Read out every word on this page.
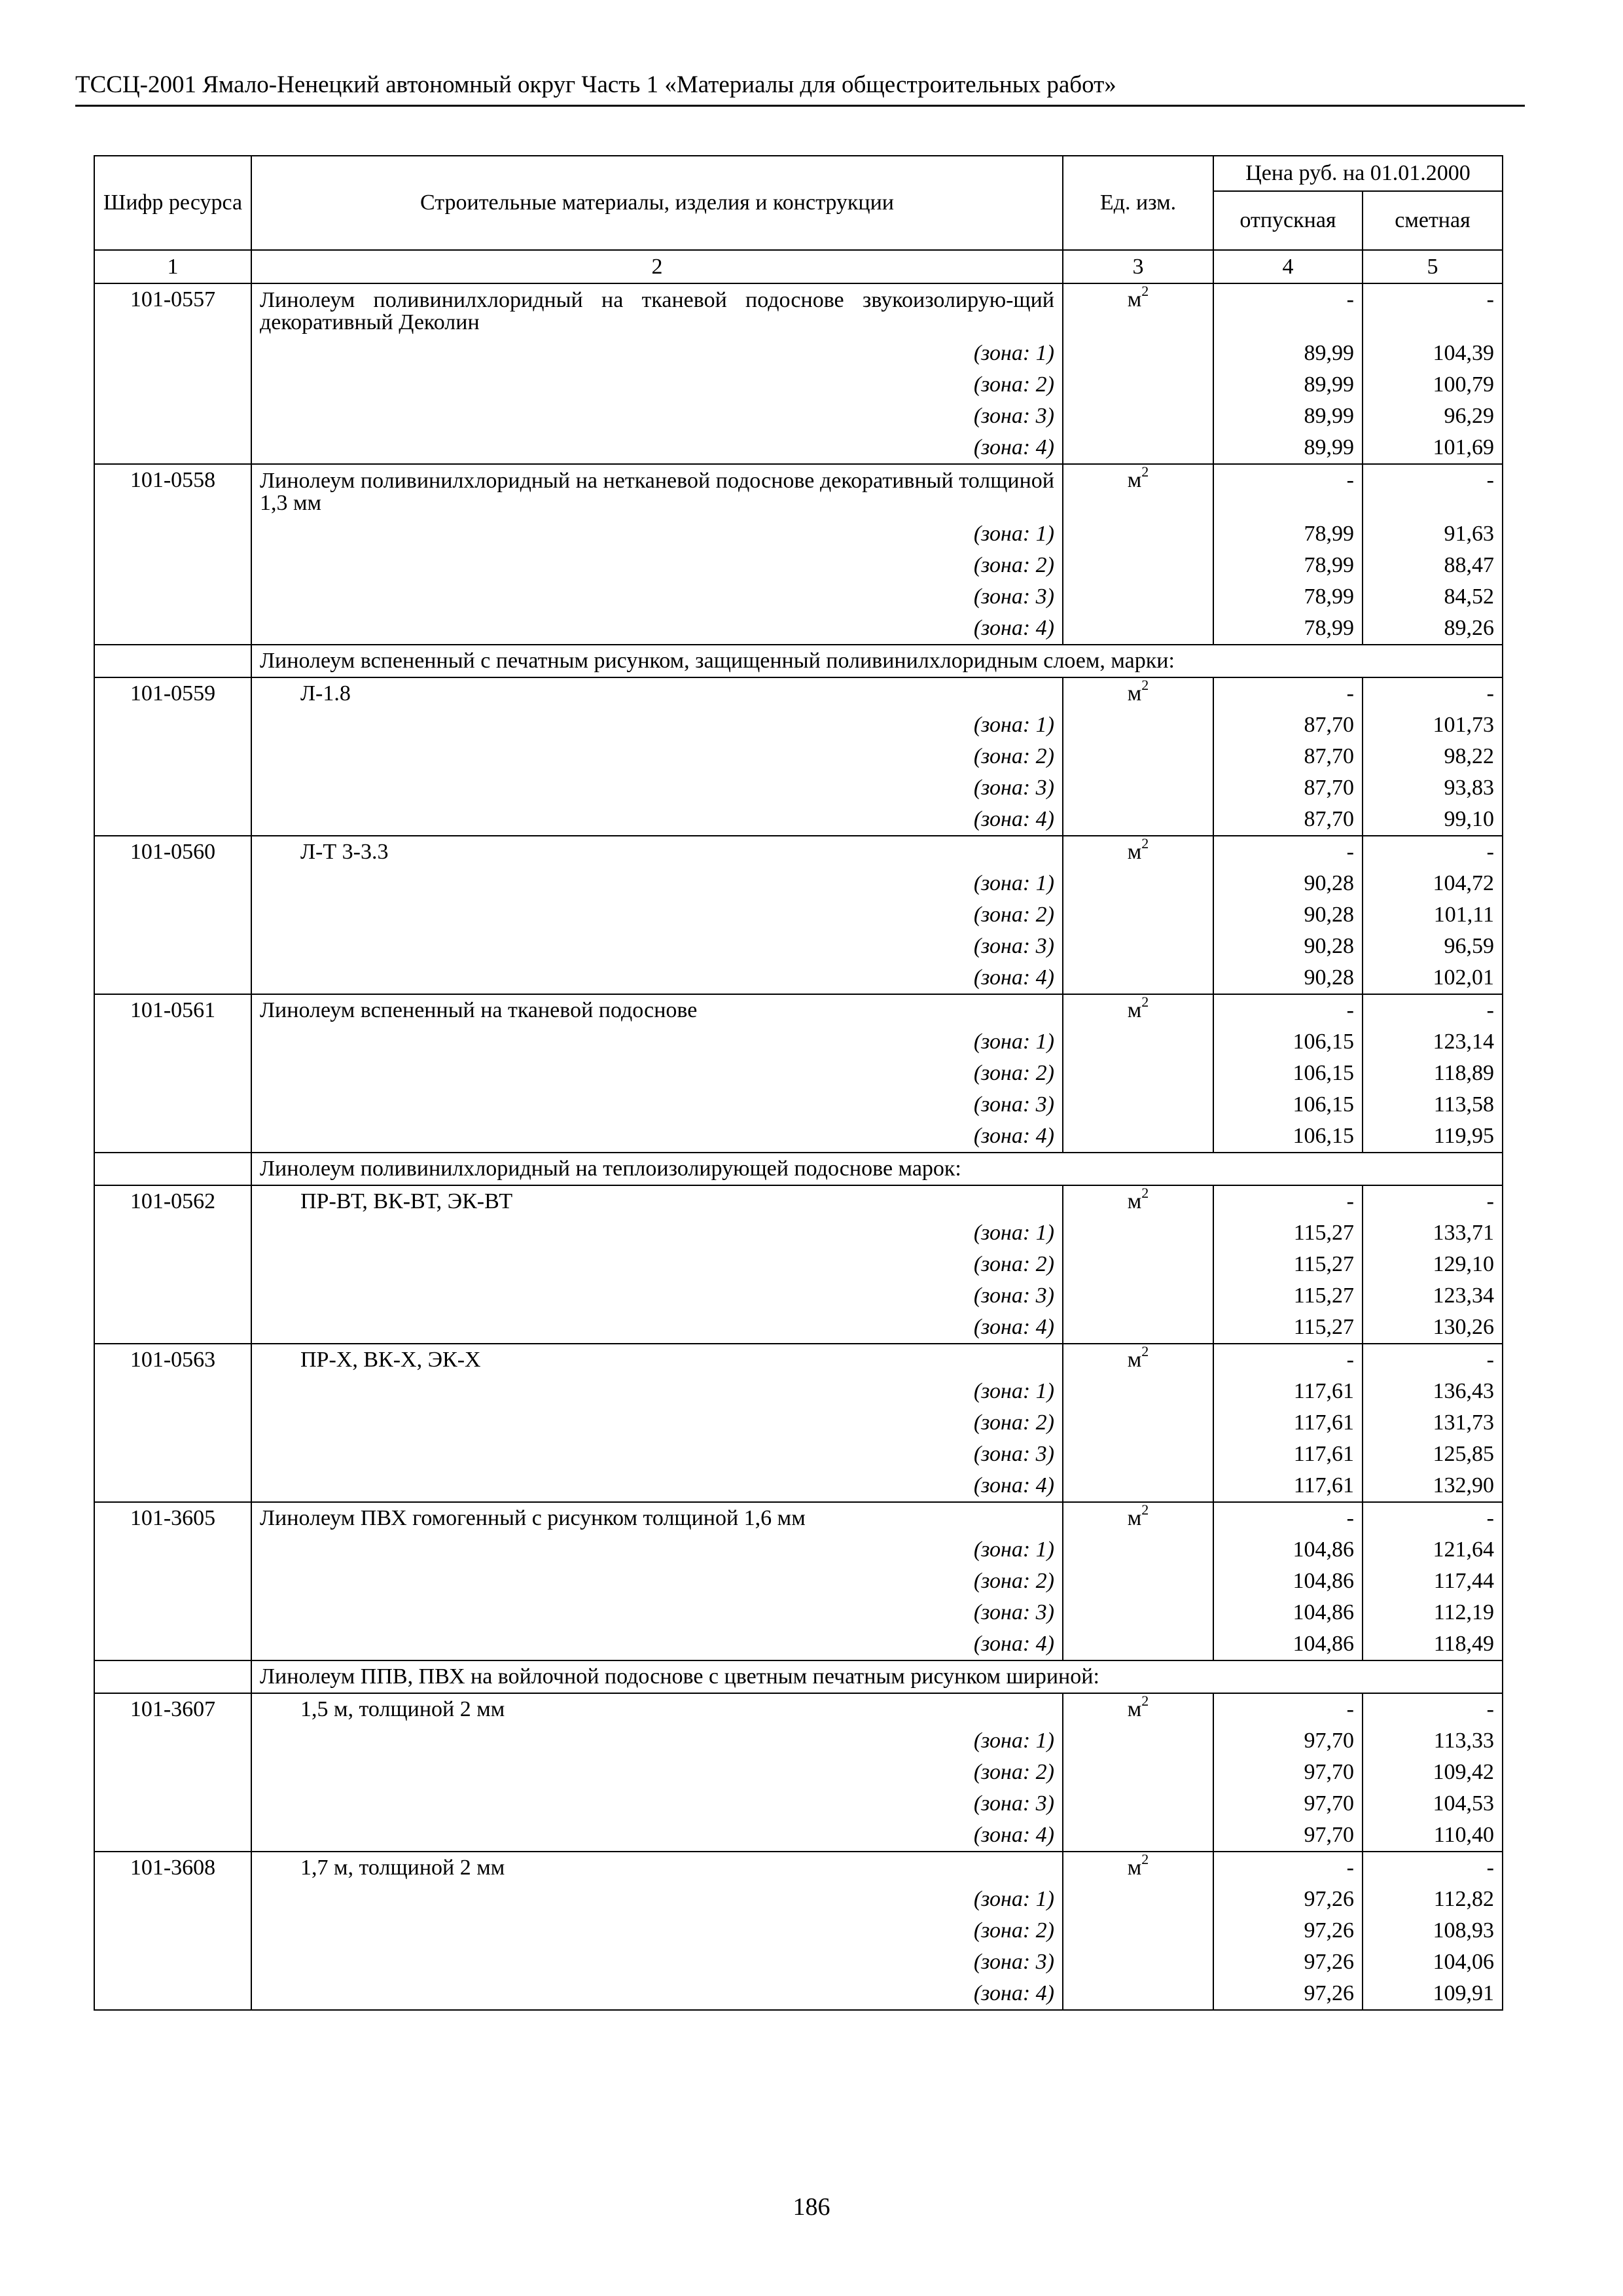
ТССЦ-2001 Ямало-Ненецкий автономный округ Часть 1 «Материалы для общестроительных работ»
Шифр ресурса	Строительные материалы, изделия и конструкции	Ед. изм.	Цена руб. на 01.01.2000	
			отпускная	сметная
1	2	3	4	5
101-0557	Линолеум поливинилхлоридный на тканевой подоснове звукоизолирую-щий декоративный Деколин	$м^2$	-	-
	(зона: 1)		89,99	104,39
	(зона: 2)		89,99	100,79
	(зона: 3)		89,99	96,29
	(зона: 4)		89,99	101,69
101-0558	Линолеум поливинилхлоридный на нетканевой подоснове декоративный толщиной 1,3 мм	$м^2$	-	-
	(зона: 1)		78,99	91,63
	(зона: 2)		78,99	88,47
	(зона: 3)		78,99	84,52
	(зона: 4)		78,99	89,26
	Линолеум вспененный с печатным рисунком, защищенный поливинилхлоридным слоем, марки:			
101-0559	Л-1.8	$м^2$	-	-
	(зона: 1)		87,70	101,73
	(зона: 2)		87,70	98,22
	(зона: 3)		87,70	93,83
	(зона: 4)		87,70	99,10
101-0560	Л-Т 3-3.3	$м^2$	-	-
	(зона: 1)		90,28	104,72
	(зона: 2)		90,28	101,11
	(зона: 3)		90,28	96,59
	(зона: 4)		90,28	102,01
101-0561	Линолеум вспененный на тканевой подоснове	$м^2$	-	-
	(зона: 1)		106,15	123,14
	(зона: 2)		106,15	118,89
	(зона: 3)		106,15	113,58
	(зона: 4)		106,15	119,95
	Линолеум поливинилхлоридный на теплоизолирующей подоснове марок:			
101-0562	ПР-ВТ, ВК-ВТ, ЭК-ВТ	$м^2$	-	-
	(зона: 1)		115,27	133,71
	(зона: 2)		115,27	129,10
	(зона: 3)		115,27	123,34
	(зона: 4)		115,27	130,26
101-0563	ПР-Х, ВК-Х, ЭК-Х	$м^2$	-	-
	(зона: 1)		117,61	136,43
	(зона: 2)		117,61	131,73
	(зона: 3)		117,61	125,85
	(зона: 4)		117,61	132,90
101-3605	Линолеум ПВХ гомогенный с рисунком толщиной 1,6 мм	$м^2$	-	-
	(зона: 1)		104,86	121,64
	(зона: 2)		104,86	117,44
	(зона: 3)		104,86	112,19
	(зона: 4)		104,86	118,49
	Линолеум ППВ, ПВХ на войлочной подоснове с цветным печатным рисунком шириной:			
101-3607	1,5 м, толщиной 2 мм	$м^2$	-	-
	(зона: 1)		97,70	113,33
	(зона: 2)		97,70	109,42
	(зона: 3)		97,70	104,53
	(зона: 4)		97,70	110,40
101-3608	1,7 м, толщиной 2 мм	$м^2$	-	-
	(зона: 1)		97,26	112,82
	(зона: 2)		97,26	108,93
	(зона: 3)		97,26	104,06
	(зона: 4)		97,26	109,91
186
